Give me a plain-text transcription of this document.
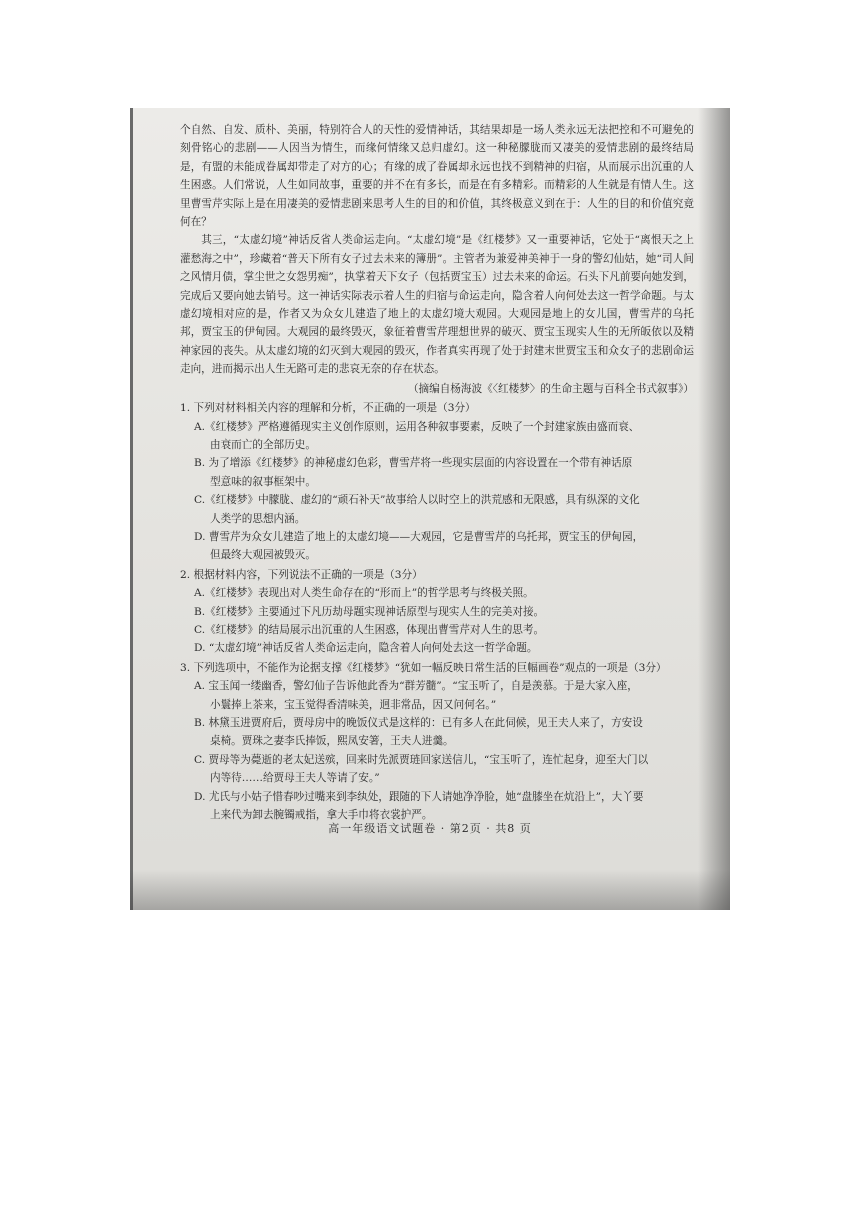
个自然、自发、质朴、美丽，特别符合人的天性的爱情神话，其结果却是一场人类永远无法把控和不可避免的刻骨铭心的悲剧——人因当为情生，而缘何情缘又总归虚幻。这一种秘朦胧而又凄美的爱情悲剧的最终结局是，有盟的未能成眷属却带走了对方的心；有缘的成了眷属却永远也找不到精神的归宿，从而展示出沉重的人生困惑。人们常说，人生如同故事，重要的并不在有多长，而是在有多精彩。而精彩的人生就是有情人生。这里曹雪芹实际上是在用凄美的爱情悲剧来思考人生的目的和价值，其终极意义到在于：人生的目的和价值究竟何在？

其三，“太虚幻境”神话反省人类命运走向。“太虚幻境”是《红楼梦》又一重要神话，它处于“离恨天之上灌愁海之中”，珍藏着“普天下所有女子过去未来的簿册”。主管者为兼爱神美神于一身的警幻仙姑，她“司人间之风情月债，掌尘世之女怨男痴”，执掌着天下女子（包括贾宝玉）过去未来的命运。石头下凡前要向她发到，完成后又要向她去销号。这一神话实际表示着人生的归宿与命运走向，隐含着人向何处去这一哲学命题。与太虚幻境相对应的是，作者又为众女儿建造了地上的太虚幻境大观园。大观园是地上的女儿国，曹雪芹的乌托邦，贾宝玉的伊甸园。大观园的最终毁灭，象征着曹雪芹理想世界的破灭、贾宝玉现实人生的无所皈依以及精神家园的丧失。从太虚幻境的幻灭到大观园的毁灭，作者真实再现了处于封建末世贾宝玉和众女子的悲剧命运走向，进而揭示出人生无路可走的悲哀无奈的存在状态。

（摘编自杨海波《〈红楼梦〉的生命主题与百科全书式叙事》）

1. 下列对材料相关内容的理解和分析，不正确的一项是（3分）

A.《红楼梦》严格遵循现实主义创作原则，运用各种叙事要素，反映了一个封建家族由盛而衰、
由衰而亡的全部历史。
B. 为了增添《红楼梦》的神秘虚幻色彩，曹雪芹将一些现实层面的内容设置在一个带有神话原
型意味的叙事框架中。
C.《红楼梦》中朦胧、虚幻的“顽石补天”故事给人以时空上的洪荒感和无限感，具有纵深的文化
人类学的思想内涵。
D. 曹雪芹为众女儿建造了地上的太虚幻境——大观园，它是曹雪芹的乌托邦，贾宝玉的伊甸园，
但最终大观园被毁灭。

2. 根据材料内容，下列说法不正确的一项是（3分）

A.《红楼梦》表现出对人类生命存在的“形而上”的哲学思考与终极关照。
B.《红楼梦》主要通过下凡历劫母题实现神话原型与现实人生的完美对接。
C.《红楼梦》的结局展示出沉重的人生困惑，体现出曹雪芹对人生的思考。
D. “太虚幻境”神话反省人类命运走向，隐含着人向何处去这一哲学命题。

3. 下列选项中，不能作为论据支撑《红楼梦》“犹如一幅反映日常生活的巨幅画卷”观点的一项是（3分）

A. 宝玉闻一缕幽香，警幻仙子告诉他此香为“群芳髓”。“宝玉听了，自是羡慕。于是大家入座，
小鬟捧上茶来，宝玉觉得香清味美，迥非常品，因又问何名。”
B. 林黛玉进贾府后，贾母房中的晚饭仪式是这样的：已有多人在此伺候，见王夫人来了，方安设
桌椅。贾珠之妻李氏捧饭，熙凤安箸，王夫人进羹。
C. 贾母等为薨逝的老太妃送殡，回来时先派贾琏回家送信儿，“宝玉听了，连忙起身，迎至大门以
内等待……给贾母王夫人等请了安。”
D. 尤氏与小姑子惜春吵过嘴来到李纨处，跟随的下人请她净净脸，她“盘膝坐在炕沿上”，大丫要
上来代为卸去腕镯戒指，拿大手巾将衣裳护严。
高一年级语文试题卷 · 第2页 · 共8 页
